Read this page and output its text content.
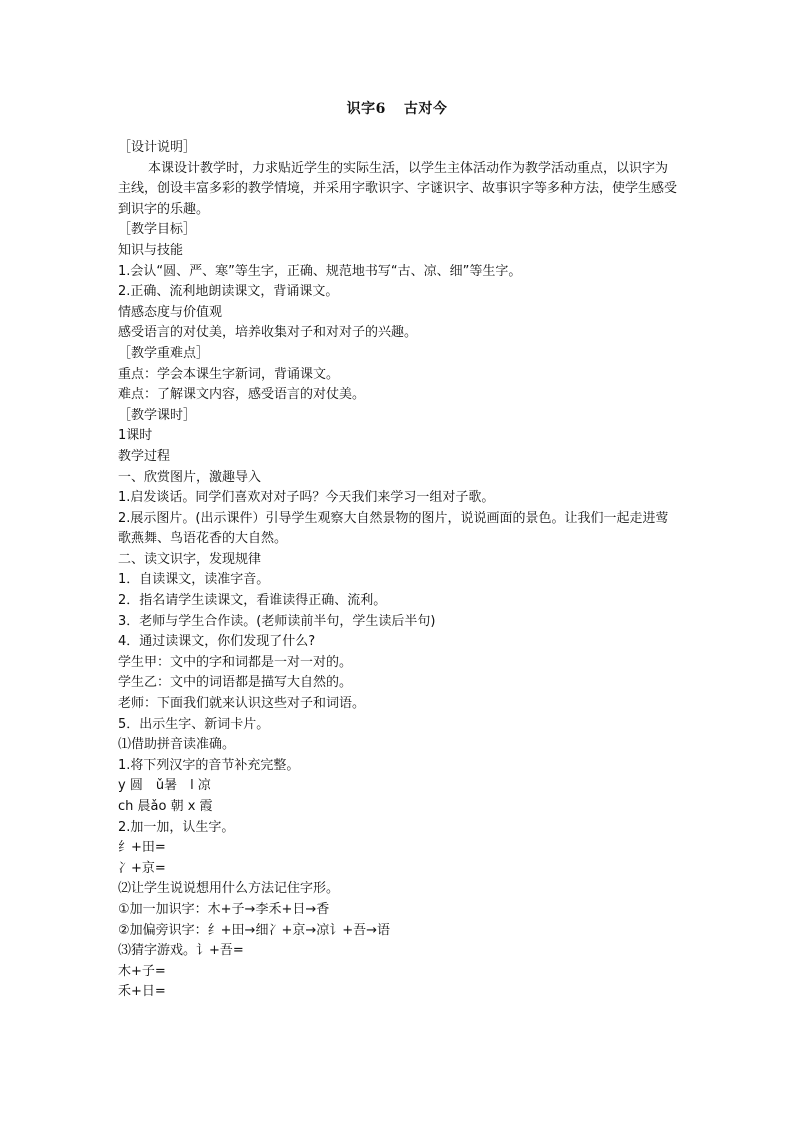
识字6 古对今
［设计说明］
本课设计教学时，力求贴近学生的实际生活，以学生主体活动作为教学活动重点，以识字为主线，创设丰富多彩的教学情境，并采用字歌识字、字谜识字、故事识字等多种方法，使学生感受到识字的乐趣。
［教学目标］
知识与技能
1.会认“圆、严、寒”等生字，正确、规范地书写“古、凉、细”等生字。
2.正确、流利地朗读课文，背诵课文。
情感态度与价值观
感受语言的对仗美，培养收集对子和对对子的兴趣。
［教学重难点］
重点：学会本课生字新词，背诵课文。
难点：了解课文内容，感受语言的对仗美。
［教学课时］
1课时
教学过程
一、欣赏图片，激趣导入
1.启发谈话。同学们喜欢对对子吗？今天我们来学习一组对子歌。
2.展示图片。(出示课件）引导学生观察大自然景物的图片，说说画面的景色。让我们一起走进莺歌燕舞、鸟语花香的大自然。
二、读文识字，发现规律
1．自读课文，读准字音。
2．指名请学生读课文，看谁读得正确、流利。
3．老师与学生合作读。(老师读前半句，学生读后半句)
4．通过读课文，你们发现了什么?
学生甲：文中的字和词都是一对一对的。
学生乙：文中的词语都是描写大自然的。
老师：下面我们就来认识这些对子和词语。
5．出示生字、新词卡片。
⑴借助拼音读准确。
1.将下列汉字的音节补充完整。
y 圆　ǔ暑　l 凉
ch 晨ǎo 朝 x 霞
2.加一加，认生字。
纟+田=
冫+京=
⑵让学生说说想用什么方法记住字形。
①加一加识字：木+子→李禾+日→香
②加偏旁识字：纟+田→细冫+京→凉讠+吾→语
⑶猜字游戏。讠+吾=
木+子=
禾+日=
